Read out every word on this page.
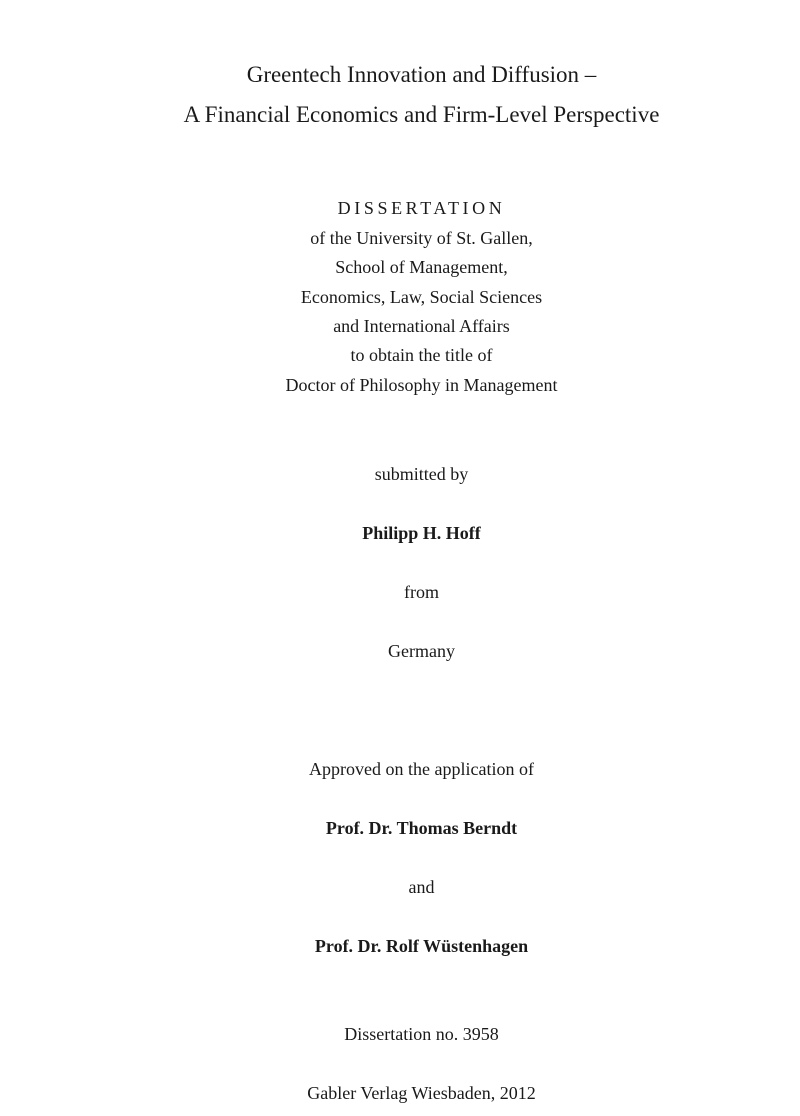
Greentech Innovation and Diffusion –
A Financial Economics and Firm-Level Perspective
DISSERTATION
of the University of St. Gallen,
School of Management,
Economics, Law, Social Sciences
and International Affairs
to obtain the title of
Doctor of Philosophy in Management
submitted by
Philipp H. Hoff
from
Germany
Approved on the application of
Prof. Dr. Thomas Berndt
and
Prof. Dr. Rolf Wüstenhagen
Dissertation no. 3958
Gabler Verlag Wiesbaden, 2012
